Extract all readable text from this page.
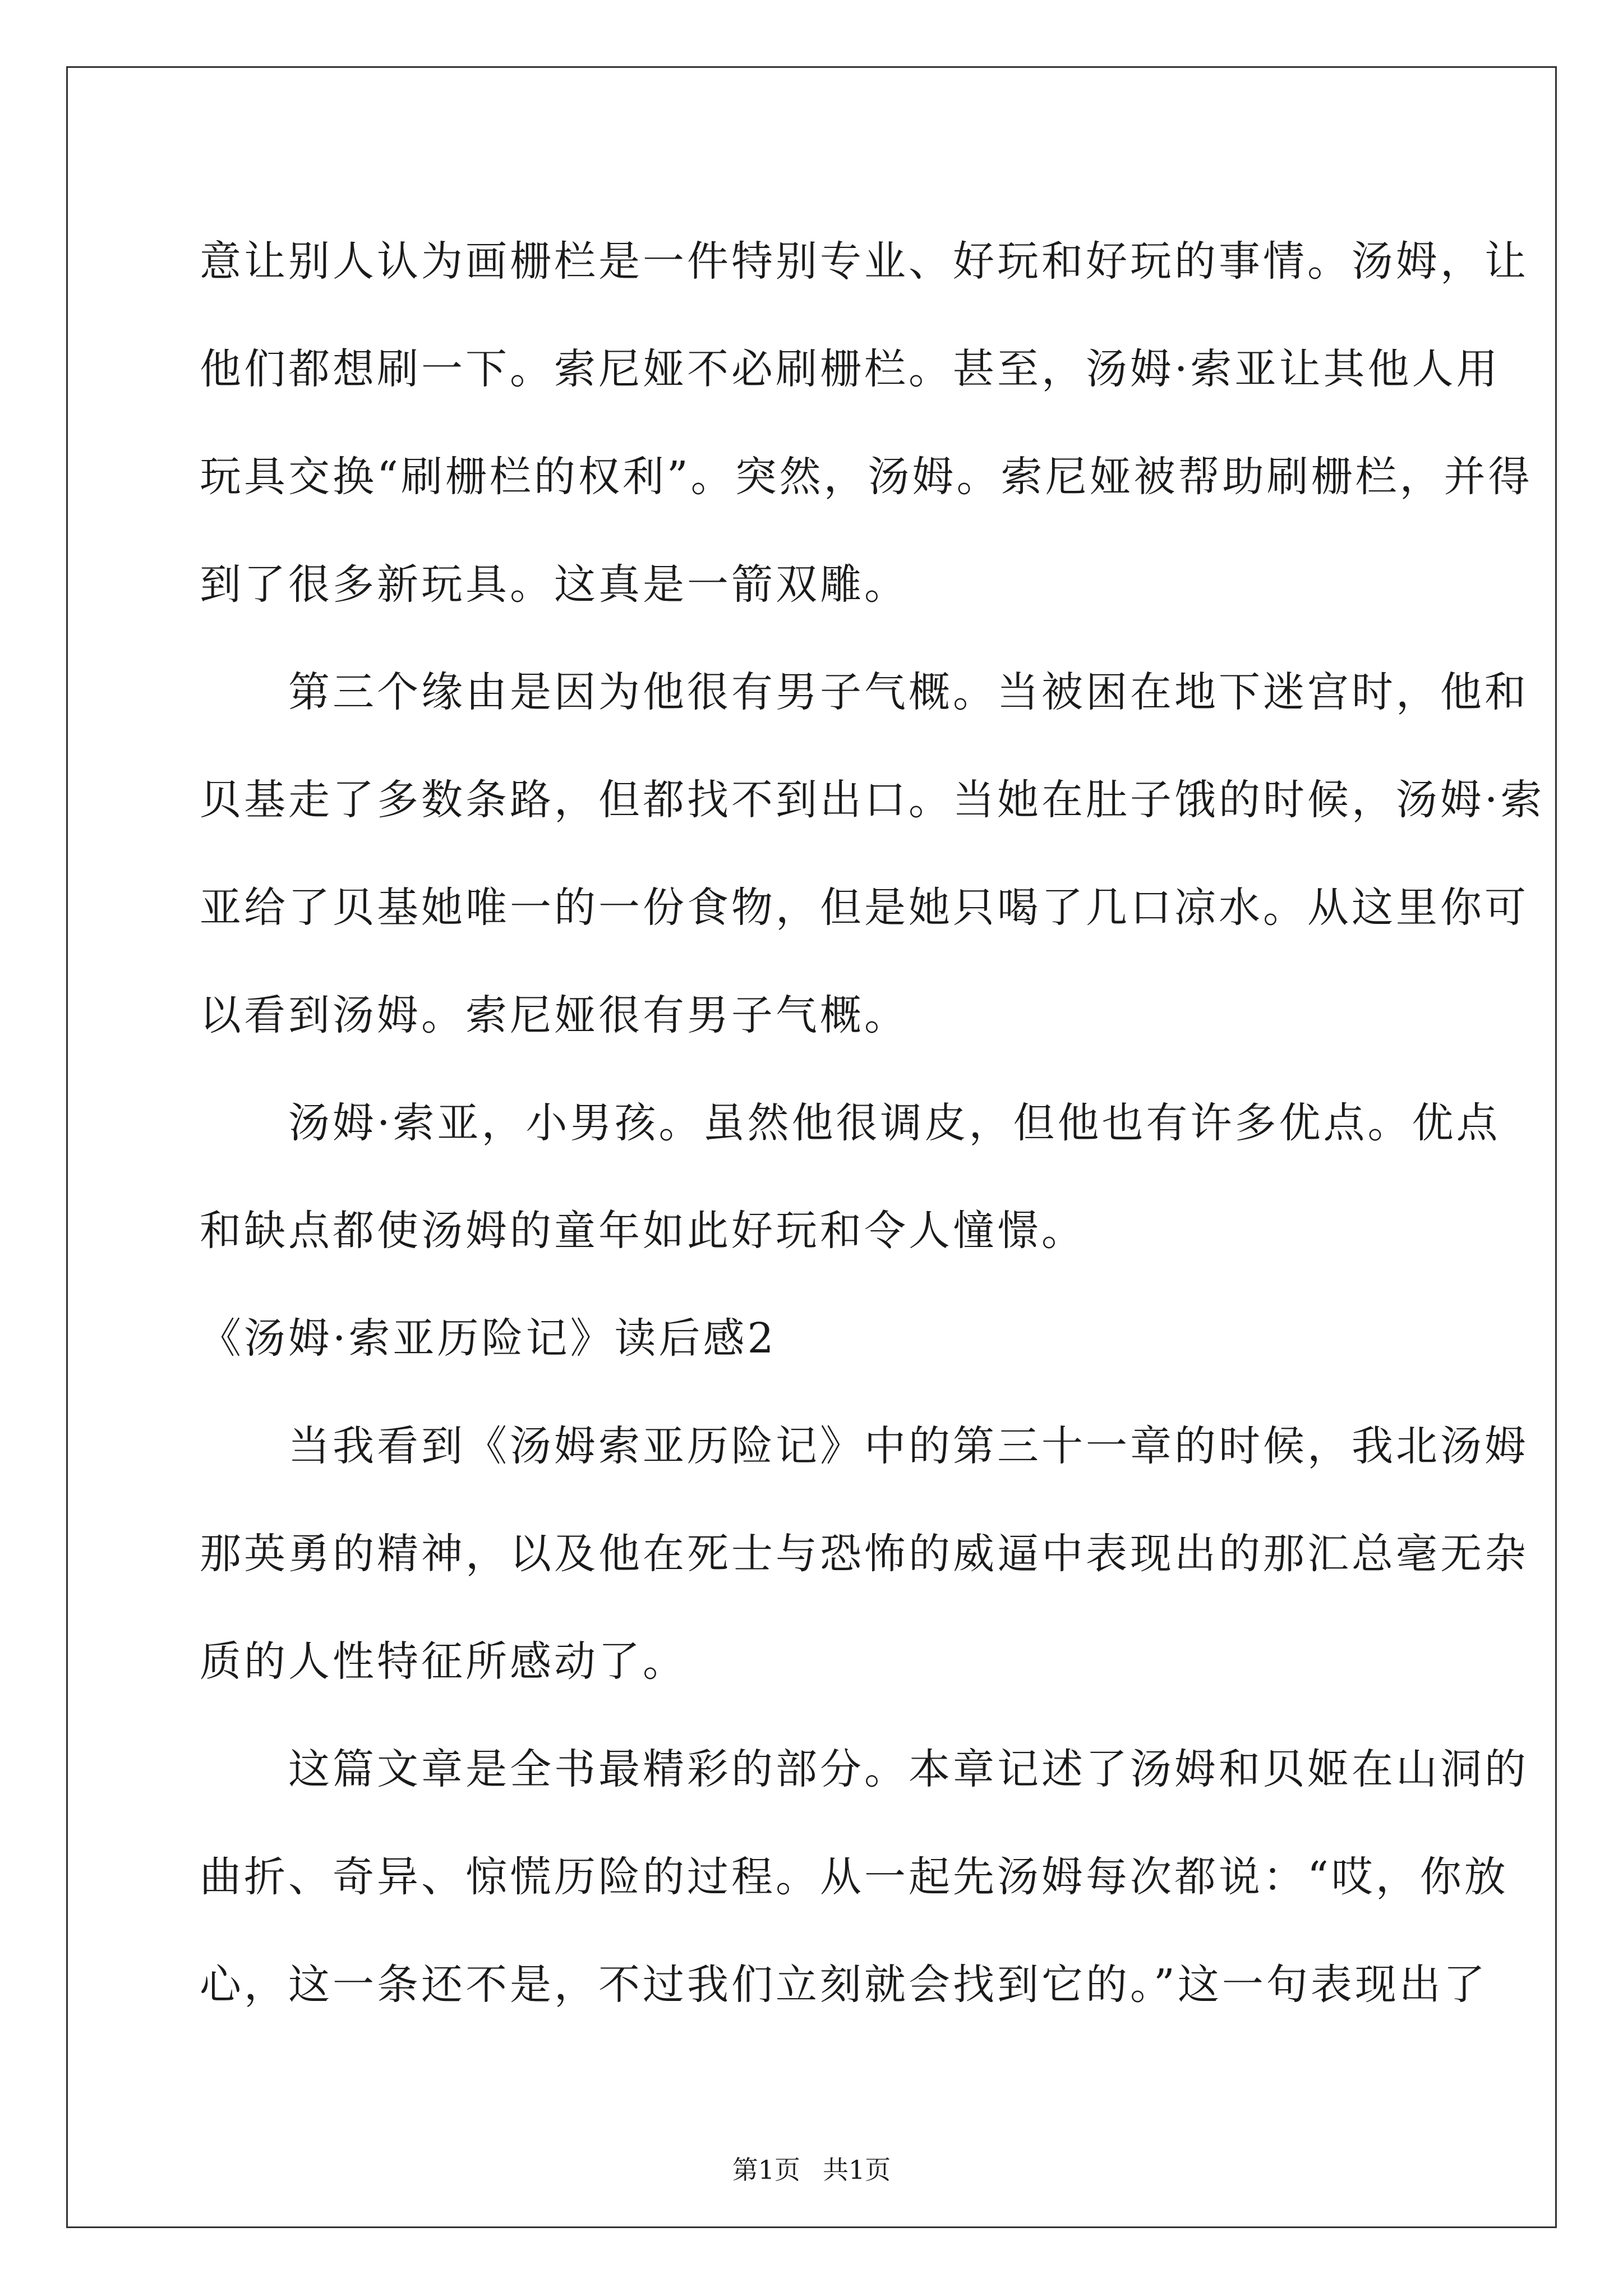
意让别人认为画栅栏是一件特别专业、好玩和好玩的事情。汤姆，让
他们都想刷一下。索尼娅不必刷栅栏。甚至，汤姆·索亚让其他人用
玩具交换“刷栅栏的权利”。突然，汤姆。索尼娅被帮助刷栅栏，并得
到了很多新玩具。这真是一箭双雕。
　　第三个缘由是因为他很有男子气概。当被困在地下迷宫时，他和
贝基走了多数条路，但都找不到出口。当她在肚子饿的时候，汤姆·索
亚给了贝基她唯一的一份食物，但是她只喝了几口凉水。从这里你可
以看到汤姆。索尼娅很有男子气概。
　　汤姆·索亚，小男孩。虽然他很调皮，但他也有许多优点。优点
和缺点都使汤姆的童年如此好玩和令人憧憬。
《汤姆·索亚历险记》读后感2
　　当我看到《汤姆索亚历险记》中的第三十一章的时候，我北汤姆
那英勇的精神，以及他在死士与恐怖的威逼中表现出的那汇总毫无杂
质的人性特征所感动了。
　　这篇文章是全书最精彩的部分。本章记述了汤姆和贝姬在山洞的
曲折、奇异、惊慌历险的过程。从一起先汤姆每次都说：“哎，你放
心，这一条还不是，不过我们立刻就会找到它的。”这一句表现出了
第1页 共1页
